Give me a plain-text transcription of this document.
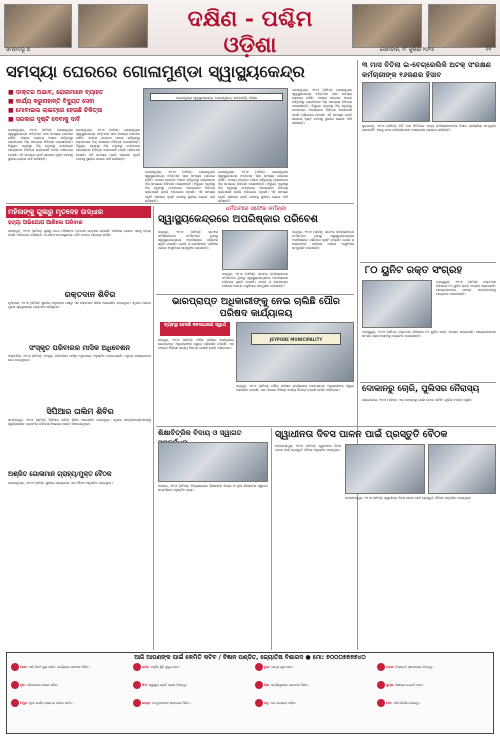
ଦକ୍ଷିଣ - ପଶ୍ଚିମ ଓଡ଼ିଶା
ସମ୍ବାଦଭୂ ଅ	ସୋମବାର, ୨୮ ଜୁଲାଇ ୨୦୨୫	୧୧
ସମସ୍ୟା ଘେରରେ ଗୋଳାମୁଣ୍ଡା ସ୍ୱାସ୍ଥ୍ୟକେନ୍ଦ୍ର
■ ଡାକ୍ତର ଅଭାବ, ରୋଗୀମାନେ ବ୍ୟାହତ
■ କାର୍ଯ୍ୟ କରୁନାହାନ୍ତି ବିଦ୍ୟୁତ ସେବା
■ ମୋବାଇଲ ଲାଇଟ୍‌ରେ ହେଉଛି ଚିକିତ୍ସା
■ ସରକାର ଦୃଷ୍ଟି ଦେବାକୁ ଦାବି
ଗୋଳାମୁଣ୍ଡା ସ୍ୱାସ୍ଥ୍ୟକେନ୍ଦ୍ର, ଗୋଳାମୁଣ୍ଡା, କଳାହାଣ୍ଡି, ଓଡ଼ିଶା
ଗୋଳାମୁଣ୍ଡା, ୨୭।୭ (ସମିସ): ଗୋଳାମୁଣ୍ଡା ସ୍ୱାସ୍ଥ୍ୟକେନ୍ଦ୍ର ବର୍ତ୍ତମାନ ନାନା ସମସ୍ୟା ଘେରରେ ରହିଛି। ଏଠାରେ ଡାକ୍ତର ଅଭାବ ରହିଥିବାରୁ ରୋଗୀମାନେ ଠିକ୍ ସମୟରେ ଚିକିତ୍ସା ପାଉନାହାନ୍ତି। ବିଦ୍ୟୁତ ବ୍ୟବସ୍ଥା ଠିକ୍ ନଥିବାରୁ ମୋବାଇଲ ଆଲୋକରେ ଚିକିତ୍ସା କରାଯାଉଛି ବୋଲି ଅଭିଯୋଗ ହେଉଛି। ଏହି ସମସ୍ୟା ପ୍ରତି ସରକାର ଦୃଷ୍ଟି ଦେବାକୁ ସ୍ଥାନୀୟ ଲୋକେ ଦାବି କରିଛନ୍ତି।
ଗୋଳାମୁଣ୍ଡା, ୨୭।୭ (ସମିସ): ଗୋଳାମୁଣ୍ଡା ସ୍ୱାସ୍ଥ୍ୟକେନ୍ଦ୍ର ବର୍ତ୍ତମାନ ନାନା ସମସ୍ୟା ଘେରରେ ରହିଛି। ଏଠାରେ ଡାକ୍ତର ଅଭାବ ରହିଥିବାରୁ ରୋଗୀମାନେ ଠିକ୍ ସମୟରେ ଚିକିତ୍ସା ପାଉନାହାନ୍ତି। ବିଦ୍ୟୁତ ବ୍ୟବସ୍ଥା ଠିକ୍ ନଥିବାରୁ ମୋବାଇଲ ଆଲୋକରେ ଚିକିତ୍ସା କରାଯାଉଛି ବୋଲି ଅଭିଯୋଗ ହେଉଛି। ଏହି ସମସ୍ୟା ପ୍ରତି ସରକାର ଦୃଷ୍ଟି ଦେବାକୁ ସ୍ଥାନୀୟ ଲୋକେ ଦାବି କରିଛନ୍ତି।
ଗୋଳାମୁଣ୍ଡା, ୨୭।୭ (ସମିସ): ଗୋଳାମୁଣ୍ଡା ସ୍ୱାସ୍ଥ୍ୟକେନ୍ଦ୍ର ବର୍ତ୍ତମାନ ନାନା ସମସ୍ୟା ଘେରରେ ରହିଛି। ଏଠାରେ ଡାକ୍ତର ଅଭାବ ରହିଥିବାରୁ ରୋଗୀମାନେ ଠିକ୍ ସମୟରେ ଚିକିତ୍ସା ପାଉନାହାନ୍ତି। ବିଦ୍ୟୁତ ବ୍ୟବସ୍ଥା ଠିକ୍ ନଥିବାରୁ ମୋବାଇଲ ଆଲୋକରେ ଚିକିତ୍ସା କରାଯାଉଛି ବୋଲି ଅଭିଯୋଗ ହେଉଛି। ଏହି ସମସ୍ୟା ପ୍ରତି ସରକାର ଦୃଷ୍ଟି ଦେବାକୁ ସ୍ଥାନୀୟ ଲୋକେ ଦାବି କରିଛନ୍ତି।
ଗୋଳାମୁଣ୍ଡା, ୨୭।୭ (ସମିସ): ଗୋଳାମୁଣ୍ଡା ସ୍ୱାସ୍ଥ୍ୟକେନ୍ଦ୍ର ବର୍ତ୍ତମାନ ନାନା ସମସ୍ୟା ଘେରରେ ରହିଛି। ଏଠାରେ ଡାକ୍ତର ଅଭାବ ରହିଥିବାରୁ ରୋଗୀମାନେ ଠିକ୍ ସମୟରେ ଚିକିତ୍ସା ପାଉନାହାନ୍ତି। ବିଦ୍ୟୁତ ବ୍ୟବସ୍ଥା ଠିକ୍ ନଥିବାରୁ ମୋବାଇଲ ଆଲୋକରେ ଚିକିତ୍ସା କରାଯାଉଛି ବୋଲି ଅଭିଯୋଗ ହେଉଛି। ଏହି ସମସ୍ୟା ପ୍ରତି ସରକାର ଦୃଷ୍ଟି ଦେବାକୁ ସ୍ଥାନୀୟ ଲୋକେ ଦାବି କରିଛନ୍ତି।
ଗୋଳାମୁଣ୍ଡା, ୨୭।୭ (ସମିସ): ଗୋଳାମୁଣ୍ଡା ସ୍ୱାସ୍ଥ୍ୟକେନ୍ଦ୍ର ବର୍ତ୍ତମାନ ନାନା ସମସ୍ୟା ଘେରରେ ରହିଛି। ଏଠାରେ ଡାକ୍ତର ଅଭାବ ରହିଥିବାରୁ ରୋଗୀମାନେ ଠିକ୍ ସମୟରେ ଚିକିତ୍ସା ପାଉନାହାନ୍ତି। ବିଦ୍ୟୁତ ବ୍ୟବସ୍ଥା ଠିକ୍ ନଥିବାରୁ ମୋବାଇଲ ଆଲୋକରେ ଚିକିତ୍ସା କରାଯାଉଛି ବୋଲି ଅଭିଯୋଗ ହେଉଛି। ଏହି ସମସ୍ୟା ପ୍ରତି ସରକାର ଦୃଷ୍ଟି ଦେବାକୁ ସ୍ଥାନୀୟ ଲୋକେ ଦାବି କରିଛନ୍ତି।
୩ ମାସ ବିତିଲା ଇ-ବେଗ୍ରେଲିକି ଅଟକ୍‌ ସଂରକ୍ଷଣ କର୍ମଚାରୀଙ୍କ ୧୬ଜଣର ହିସାବ
ସୁନ୍ଦରଗଡ଼, ୨୭।୭ (ସମିସ): ତିନି ମାସ ବିତିଗଲେ ମଧ୍ୟ କର୍ମଚାରୀମାନଙ୍କ ହିସାବ ପ୍ରକ୍ରିୟା ସମ୍ପୂର୍ଣ୍ଣ ହୋଇନାହିଁ। ଏହାକୁ ନେଇ କର୍ମଚାରୀମାନେ ଅସନ୍ତୋଷ ପ୍ରକାଶ କରିଛନ୍ତି।
୮୦ ୟୁନିଟ ରକ୍ତ ସଂଗ୍ରହ
ଝାରସୁଗୁଡ଼ା, ୨୭।୭ (ସମିସ): ରକ୍ତଦାନ ଶିବିରରେ ୮୦ ୟୁନିଟ ରକ୍ତ ସଂଗ୍ରହ କରାଯାଇଛି। ଆୟୋଜକମାନେ ସମସ୍ତ ରକ୍ତଦାତାଙ୍କୁ ଧନ୍ୟବାଦ ଜଣାଇଛନ୍ତି।
ଝାରସୁଗୁଡ଼ା, ୨୭।୭ (ସମିସ): ରକ୍ତଦାନ ଶିବିରରେ ୮୦ ୟୁନିଟ ରକ୍ତ ସଂଗ୍ରହ କରାଯାଇଛି। ଆୟୋଜକମାନେ ସମସ୍ତ ରକ୍ତଦାତାଙ୍କୁ ଧନ୍ୟବାଦ ଜଣାଇଛନ୍ତି।
ଦୋକାନରୁ ଚୋରି, ପୁଲିସର ନୈରାସ୍ୟ
ରାଉରକେଲା, ୨୭।୭ (ସମିସ): ଏକ ଦୋକାନରୁ ଚୋରି ଘଟଣା ଘଟିଛି। ପୁଲିସ ତଦନ୍ତ କରୁଛି।
ମହିଳାଙ୍କୁ ଗୁଳାରୁ ମୃତଦେହ ଉଦ୍ଧାର
ହତ୍ୟା ଅଭିଯୋଗ ଆଣିଲେ ପରିବାର
କୋରାପୁଟ, ୨୭।୭ (ସମିସ): ଗୁଳାରୁ ଜଣେ ମହିଳାଙ୍କ ମୃତଦେହ ଉଦ୍ଧାର ହୋଇଛି। ପରିବାର ଲୋକେ ଏହାକୁ ହତ୍ୟା ବୋଲି ଅଭିଯୋଗ କରିଛନ୍ତି। ପୋଲିସ ଘଟଣାସ୍ଥଳରେ ପହଞ୍ଚି ତଦନ୍ତ ଆରମ୍ଭ କରିଛି।
ରକ୍ତଦାନ ଶିବିର
ନୂଆପଡ଼ା, ୨୭।୭ (ସମିସ): ସ୍ଥାନୀୟ ଅନୁଷ୍ଠାନ ପକ୍ଷରୁ ଏକ ରକ୍ତଦାନ ଶିବିର ଆୟୋଜିତ ହୋଇଥିଲା। ଏଥିରେ ଅନେକ ଯୁବକ ସ୍ୱେଚ୍ଛାରେ ରକ୍ତଦାନ କରିଥିଲେ।
ସଂସ୍କୃତ ପରିବାରର ମାସିକ ଅଧିବେଶନ
ବଲାଙ୍ଗିର, ୨୭।୭ (ସମିସ): ସଂସ୍କୃତ ପରିବାରର ମାସିକ ଅଧିବେଶନ ଅନୁଷ୍ଠିତ ହୋଇଯାଇଛି। ଏଥିରେ ସଦସ୍ୟମାନେ ଭାଗ ନେଇଥିଲେ।
ସିପିଆର ତାଲିମ ଶିବିର
ସମ୍ବଲପୁର, ୨୭।୭ (ସମିସ): ସିପିଆର ତାଲିମ ଶିବିର ଆୟୋଜିତ ହୋଇଥିଲା। ଏଥିରେ ଛାତ୍ରଛାତ୍ରୀମାନଙ୍କୁ ଜରୁରୀକାଳୀନ ପ୍ରାଥମିକ ଚିକିତ୍ସା ବିଷୟରେ ତାଲିମ ଦିଆଯାଇଥିଲା।
ଅଶ୍ରିତ ଗୋଳାମାନ ଗ୍ରାହ୍ୟ/ମୁକ୍ତ ବୈଠକ
ଗୋଳାମୁଣ୍ଡା, ୨୭।୭ (ସମିସ): ସ୍ଥାନୀୟ ସଭାଗୃହରେ ଏକ ବୈଠକ ଅନୁଷ୍ଠିତ ହୋଇଥିଲା।
ଧର୍ମଘଟରେ ସଫେଇ କର୍ମଚାରୀ
ସ୍ୱାସ୍ଥ୍ୟକେନ୍ଦ୍ରରେ ଅପରିଷ୍କାର ପରିବେଶ
ଜୟପୁର, ୨୭।୭ (ସମିସ): ସଫେଇ କର୍ମଚାରୀମାନେ ଧର୍ମଘଟରେ ଥିବାରୁ ସ୍ୱାସ୍ଥ୍ୟକେନ୍ଦ୍ରରେ ଅପରିଷ୍କାର ପରିବେଶ ସୃଷ୍ଟି ହୋଇଛି। ରୋଗୀ ଓ ସେମାନଙ୍କ ପରିବାର ଲୋକେ ଅସୁବିଧାର ସମ୍ମୁଖୀନ ହେଉଛନ୍ତି।
ଜୟପୁର, ୨୭।୭ (ସମିସ): ସଫେଇ କର୍ମଚାରୀମାନେ ଧର୍ମଘଟରେ ଥିବାରୁ ସ୍ୱାସ୍ଥ୍ୟକେନ୍ଦ୍ରରେ ଅପରିଷ୍କାର ପରିବେଶ ସୃଷ୍ଟି ହୋଇଛି। ରୋଗୀ ଓ ସେମାନଙ୍କ ପରିବାର ଲୋକେ ଅସୁବିଧାର ସମ୍ମୁଖୀନ ହେଉଛନ୍ତି।
ଜୟପୁର, ୨୭।୭ (ସମିସ): ସଫେଇ କର୍ମଚାରୀମାନେ ଧର୍ମଘଟରେ ଥିବାରୁ ସ୍ୱାସ୍ଥ୍ୟକେନ୍ଦ୍ରରେ ଅପରିଷ୍କାର ପରିବେଶ ସୃଷ୍ଟି ହୋଇଛି। ରୋଗୀ ଓ ସେମାନଙ୍କ ପରିବାର ଲୋକେ ଅସୁବିଧାର ସମ୍ମୁଖୀନ ହେଉଛନ୍ତି।
ଭାରପ୍ରାପ୍ତ ଅଧିକାରୀଙ୍କୁ ନେଇ ଚାଲିଛି ପୌର ପରିଷଦ କାର୍ଯ୍ୟାଳୟ
ବ୍ୟବସ୍ଥା ହେଉଛି ଜନସାଧାରଣ ସ୍ୱାର୍ଥ
ଜୟପୁର, ୨୭।୭ (ସମିସ): ପୌର ପରିଷଦ କାର୍ଯ୍ୟାଳୟ ଭାରପ୍ରାପ୍ତ ଅଧିକାରୀଙ୍କ ଦ୍ୱାରା ପରିଚାଳିତ ହେଉଛି। ଏହା ଫଳରେ ବିଭିନ୍ନ କାର୍ଯ୍ୟ ବିଳମ୍ବ ହେଉଛି ବୋଲି ଅଭିଯୋଗ।
JEYPORE MUNICIPALITY
ଜୟପୁର, ୨୭।୭ (ସମିସ): ପୌର ପରିଷଦ କାର୍ଯ୍ୟାଳୟ ଭାରପ୍ରାପ୍ତ ଅଧିକାରୀଙ୍କ ଦ୍ୱାରା ପରିଚାଳିତ ହେଉଛି। ଏହା ଫଳରେ ବିଭିନ୍ନ କାର୍ଯ୍ୟ ବିଳମ୍ବ ହେଉଛି ବୋଲି ଅଭିଯୋଗ।
ଶିକ୍ଷାବିତ୍ରିକ ବିଦାୟ ଓ ସ୍ୱାଗତ
ବରଗଡ଼, ୨୭।୭ (ସମିସ): ବିଦ୍ୟାଳୟରେ ଶିକ୍ଷକଙ୍କ ବିଦାୟ ଓ ନୂଆ ଶିକ୍ଷକଙ୍କ ସ୍ୱାଗତ ସମ୍ବର୍ଦ୍ଧନା ଅନୁଷ୍ଠିତ ହେଲା।
ସ୍ୱାଧୀନତା ଦିବସ ପାଳନ ପାଇଁ ପ୍ରସ୍ତୁତି ବୈଠକ
ନବରଙ୍ଗପୁର, ୨୭।୭ (ସମିସ): ସ୍ୱାଧୀନତା ଦିବସ ପାଳନ ପାଇଁ ପ୍ରସ୍ତୁତି ବୈଠକ ଅନୁଷ୍ଠିତ ହୋଇଥିଲା।
ନବରଙ୍ଗପୁର, ୨୭।୭ (ସମିସ): ସ୍ୱାଧୀନତା ଦିବସ ପାଳନ ପାଇଁ ପ୍ରସ୍ତୁତି ବୈଠକ ଅନୁଷ୍ଠିତ ହୋଇଥିଲା।
ଆଜି ଆପଣଙ୍କ ପାଇଁ କେମିତି କଟିବ / ବିଜ୍ଞାନ ପଣ୍ଡିତ, ଜ୍ୟୋତିଷ ବିଶାରଦ ● ମୋ: ୭୦୦୦୭୭୭୭୪୦
ମେଷ: ଆଜି ଦିନଟି ଶୁଭ ରହିବ। କାର୍ଯ୍ୟରେ ସଫଳତା ମିଳିବ।
ବୃଷ: ପରିବାରରେ ଆନନ୍ଦ ରହିବ।
ମିଥୁନ: ନୂଆ କାର୍ଯ୍ୟ ଆରମ୍ଭ କରିବା ଉଚିତ।
କର୍କଟ: ଆର୍ଥିକ ସ୍ଥିତି ସୁଦୃଢ଼ ହେବ।
ସିଂହ: ସ୍ୱାସ୍ଥ୍ୟ ପ୍ରତି ଧ୍ୟାନ ଦିଅନ୍ତୁ।
କନ୍ୟା: ବନ୍ଧୁମାନଙ୍କ ସହଯୋଗ ମିଳିବ।
ତୁଳା: ଯାତ୍ରା ଶୁଭ ହେବ।
ବିଛା: କାର୍ଯ୍ୟସ୍ଥଳରେ ପ୍ରଶଂସା ମିଳିବ।
ଧନୁ: ମନ ପ୍ରସନ୍ନ ରହିବ।
ମକର: ନିଷ୍ପତ୍ତି ସାବଧାନରେ ନିଅନ୍ତୁ।
କୁମ୍ଭ: ଶିକ୍ଷାରେ ଉନ୍ନତି ହେବ।
ମୀନ: ଆଜି ଧୈର୍ଯ୍ୟ ରଖନ୍ତୁ।
